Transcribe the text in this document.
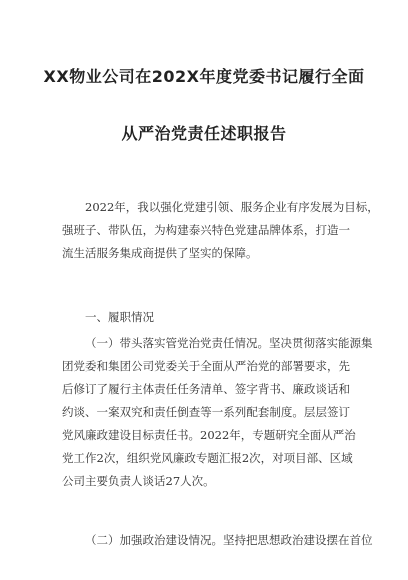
XX物业公司在202X年度党委书记履行全面
从严治党责任述职报告
2022年，我以强化党建引领、服务企业有序发展为目标，
强班子、带队伍，为构建泰兴特色党建品牌体系，打造一
流生活服务集成商提供了坚实的保障。
一、履职情况
（一）带头落实管党治党责任情况。坚决贯彻落实能源集
团党委和集团公司党委关于全面从严治党的部署要求，先
后修订了履行主体责任任务清单、签字背书、廉政谈话和
约谈、一案双究和责任倒查等一系列配套制度。层层签订
党风廉政建设目标责任书。2022年，专题研究全面从严治
党工作2次，组织党风廉政专题汇报2次，对项目部、区域
公司主要负责人谈话27人次。
（二）加强政治建设情况。坚持把思想政治建设摆在首位
